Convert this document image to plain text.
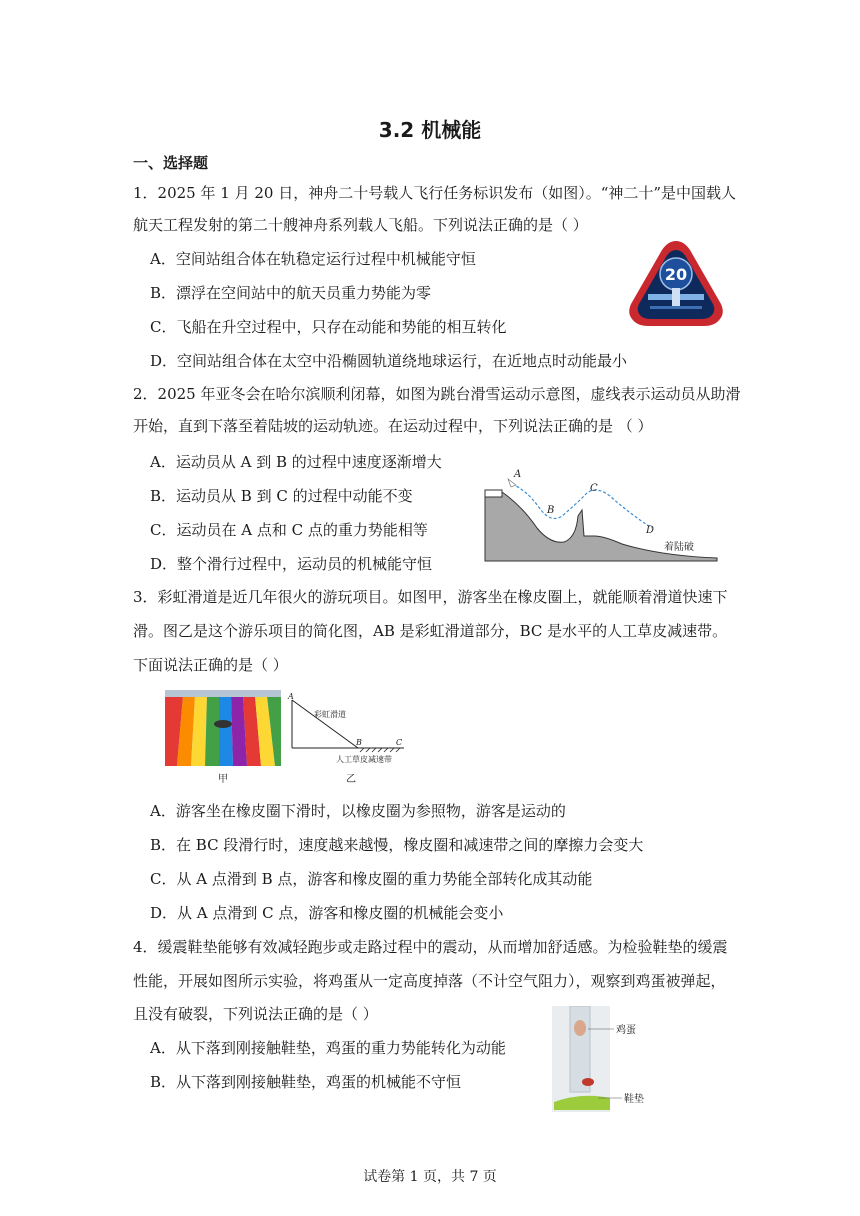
3.2 机械能
一、选择题
1．2025 年 1 月 20 日，神舟二十号载人飞行任务标识发布（如图）。“神二十”是中国载人
航天工程发射的第二十艘神舟系列载人飞船。下列说法正确的是（ ）
A．空间站组合体在轨稳定运行过程中机械能守恒
B．漂浮在空间站中的航天员重力势能为零
C．飞船在升空过程中，只存在动能和势能的相互转化
D．空间站组合体在太空中沿椭圆轨道绕地球运行，在近地点时动能最小
20
2．2025 年亚冬会在哈尔滨顺利闭幕，如图为跳台滑雪运动示意图，虚线表示运动员从助滑
开始，直到下落至着陆坡的运动轨迹。在运动过程中，下列说法正确的是 （ ）
A．运动员从 A 到 B 的过程中速度逐渐增大
B．运动员从 B 到 C 的过程中动能不变
C．运动员在 A 点和 C 点的重力势能相等
D．整个滑行过程中，运动员的机械能守恒
A
B
C
D
着陆破
3．彩虹滑道是近几年很火的游玩项目。如图甲，游客坐在橡皮圈上，就能顺着滑道快速下
滑。图乙是这个游乐项目的简化图，AB 是彩虹滑道部分，BC 是水平的人工草皮减速带。
下面说法正确的是（ ）
甲
A
B	C
彩虹滑道
人工草皮减速带
乙
A．游客坐在橡皮圈下滑时，以橡皮圈为参照物，游客是运动的
B．在 BC 段滑行时，速度越来越慢，橡皮圈和减速带之间的摩擦力会变大
C．从 A 点滑到 B 点，游客和橡皮圈的重力势能全部转化成其动能
D．从 A 点滑到 C 点，游客和橡皮圈的机械能会变小
4．缓震鞋垫能够有效减轻跑步或走路过程中的震动，从而增加舒适感。为检验鞋垫的缓震
性能，开展如图所示实验，将鸡蛋从一定高度掉落（不计空气阻力），观察到鸡蛋被弹起，
且没有破裂，下列说法正确的是（ ）
A．从下落到刚接触鞋垫，鸡蛋的重力势能转化为动能
B．从下落到刚接触鞋垫，鸡蛋的机械能不守恒
鸡蛋
鞋垫
试卷第 1 页，共 7 页
